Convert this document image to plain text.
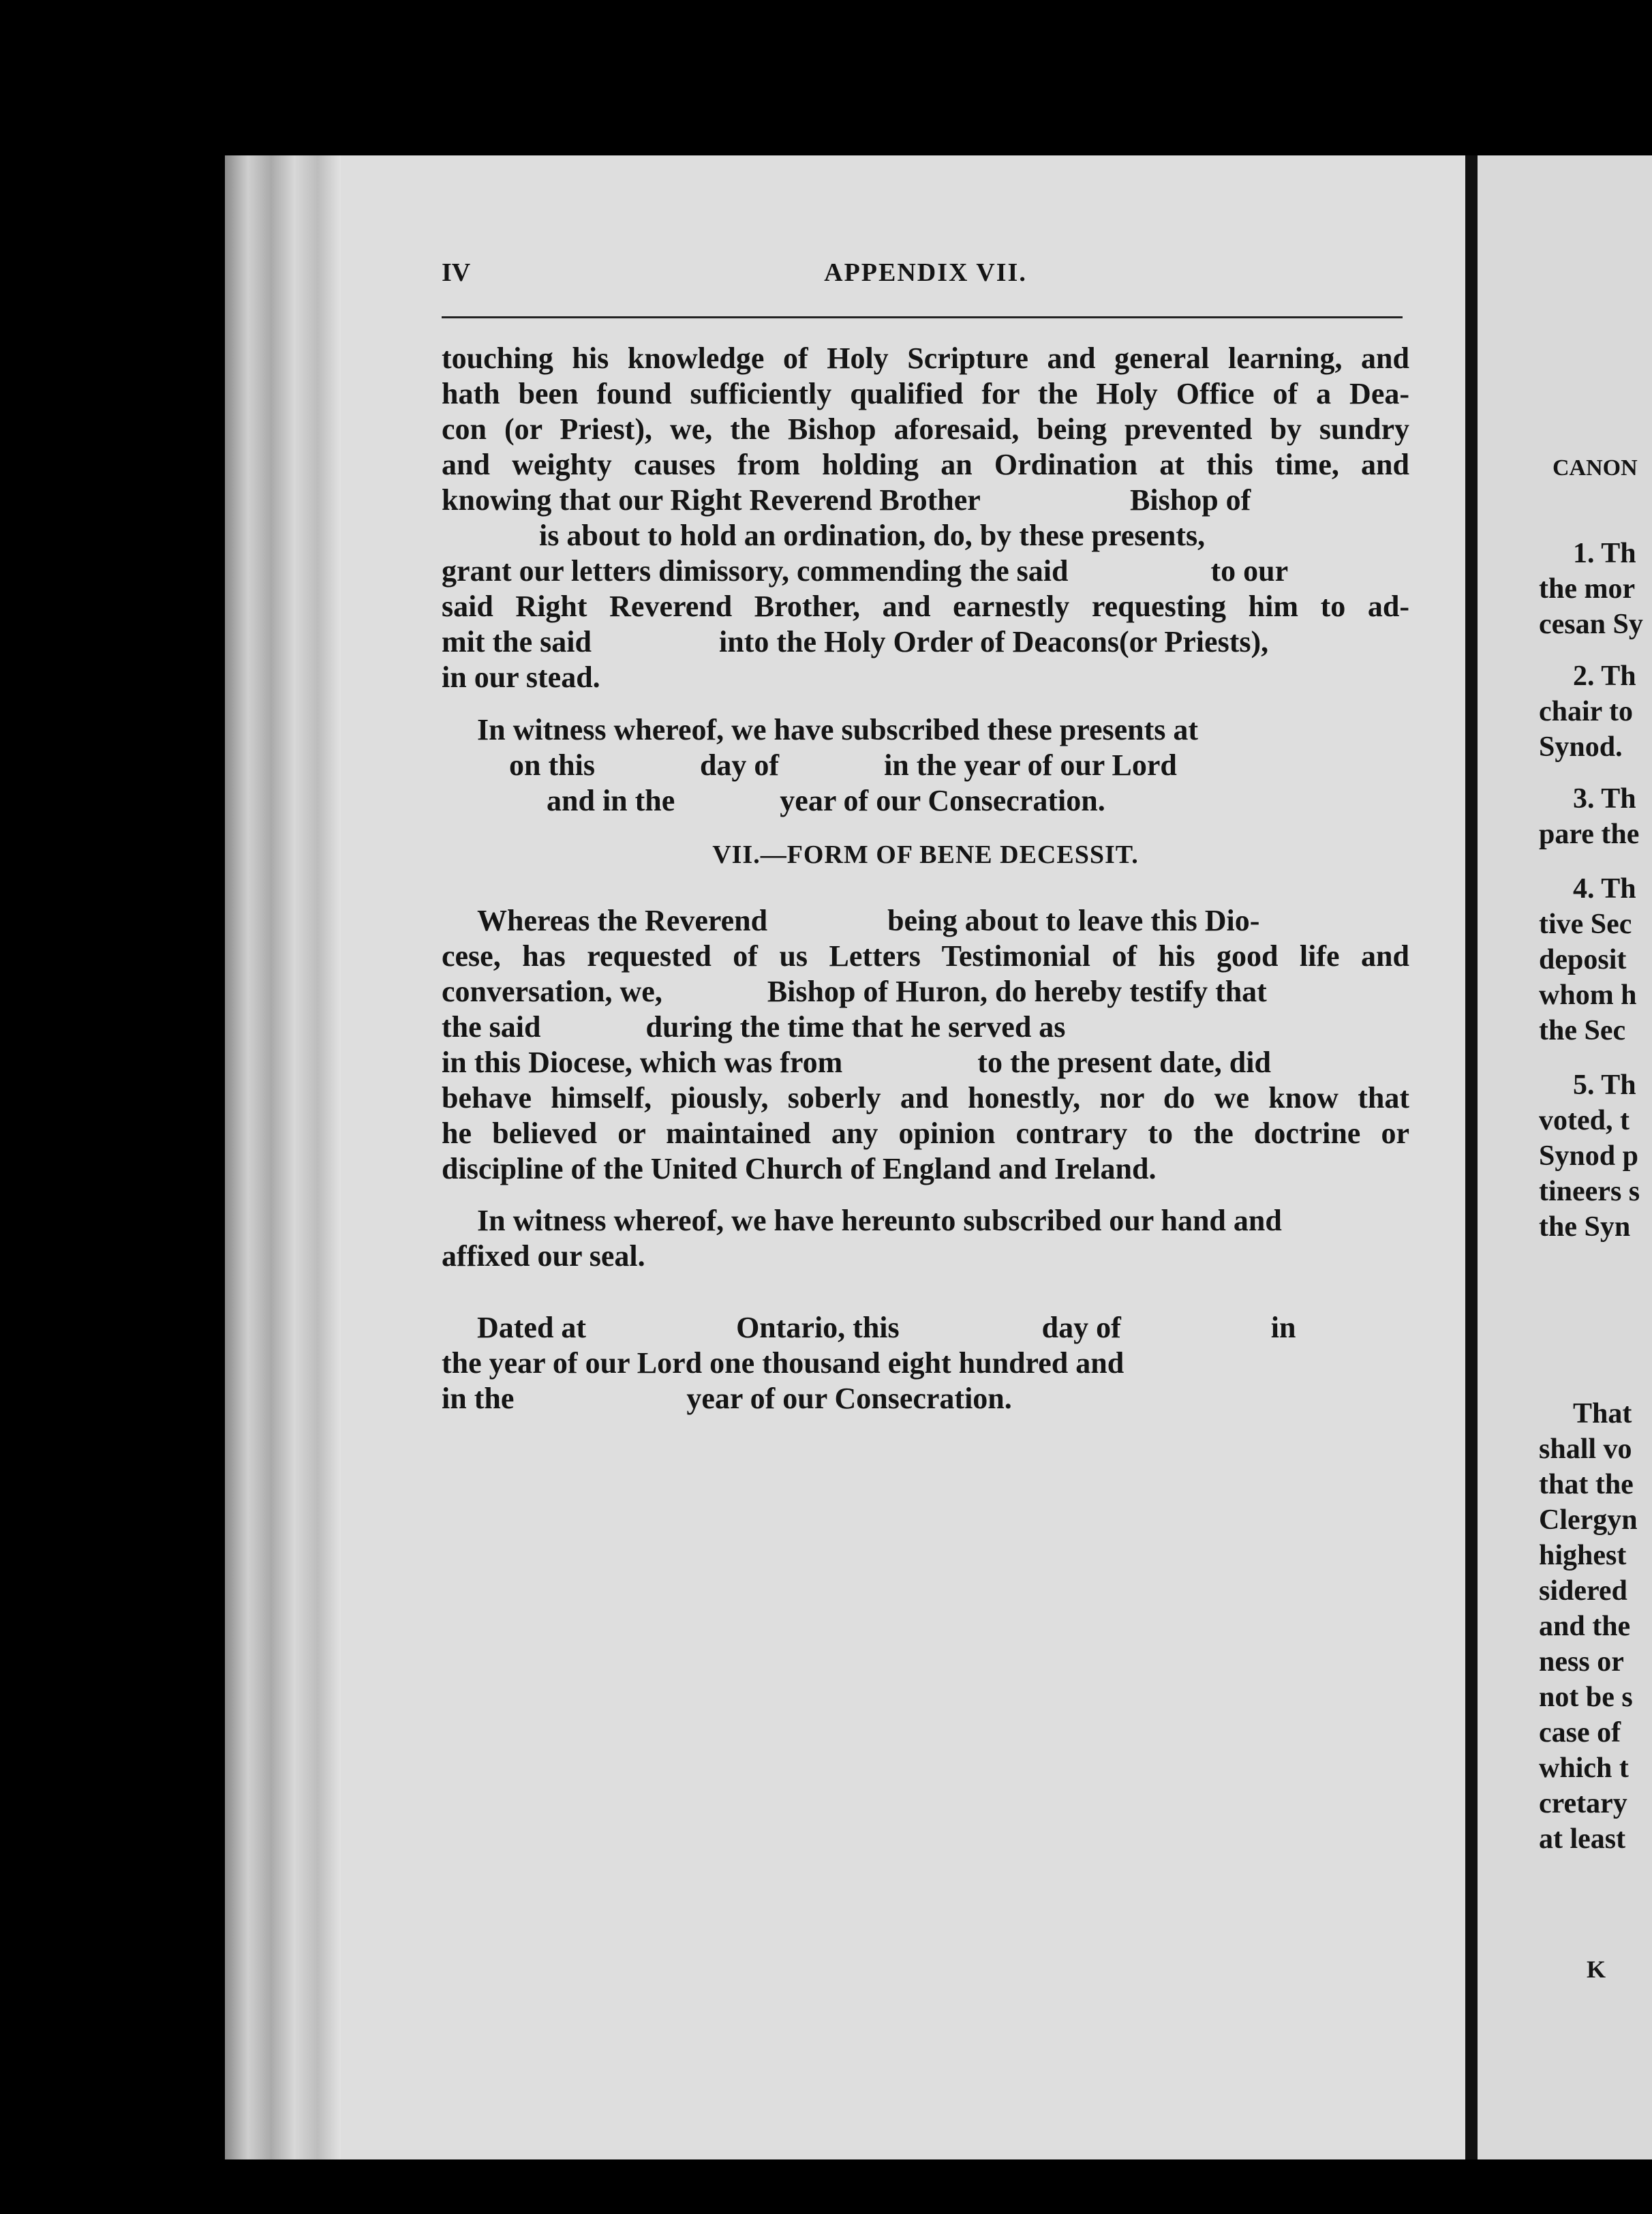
IV	APPENDIX VII.
touching his knowledge of Holy Scripture and general learning, and
hath been found sufficiently qualified for the Holy Office of a Dea-
con (or Priest), we, the Bishop aforesaid, being prevented by sundry
and weighty causes from holding an Ordination at this time, and
knowing that our Right Reverend Brother                    Bishop of
is about to hold an ordination, do, by these presents,
grant our letters dimissory, commending the said                   to our
said Right Reverend Brother, and earnestly requesting him to ad-
mit the said                 into the Holy Order of Deacons(or Priests),
in our stead.
In witness whereof, we have subscribed these presents at
on this              day of              in the year of our Lord
and in the              year of our Consecration.
VII.—FORM OF BENE DECESSIT.
Whereas the Reverend                being about to leave this Dio-
cese, has requested of us Letters Testimonial of his good life and
conversation, we,              Bishop of Huron, do hereby testify that
the said              during the time that he served as
in this Diocese, which was from                  to the present date, did
behave himself, piously, soberly and honestly, nor do we know that
he believed or maintained any opinion contrary to the doctrine or
discipline of the United Church of England and Ireland.
In witness whereof, we have hereunto subscribed our hand and
affixed our seal.
Dated at                    Ontario, this                   day of                    in
the year of our Lord one thousand eight hundred and
in the                       year of our Consecration.
CANON
1. Th
the mor
cesan Sy
2. Th
chair to
Synod.
3. Th
pare the
4. Th
tive Sec
deposit
whom h
the Sec
5. Th
voted, t
Synod p
tineers s
the Syn
That
shall vo
that the
Clergyn
highest
sidered
and the
ness or
not be s
case of
which t
cretary
at least
K
